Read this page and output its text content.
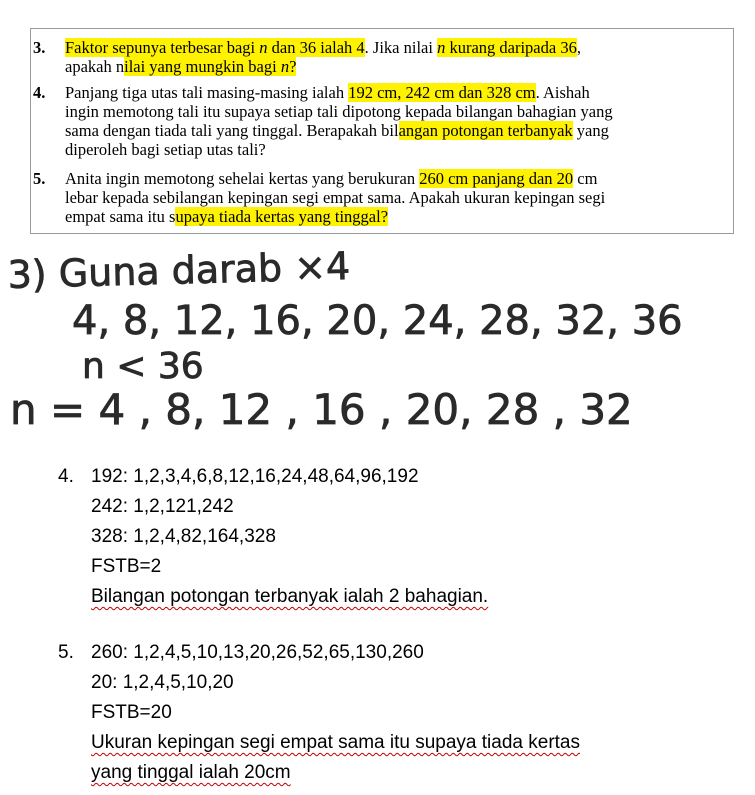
3. Faktor sepunya terbesar bagi n dan 36 ialah 4. Jika nilai n kurang daripada 36,
apakah nilai yang mungkin bagi n?
4. Panjang tiga utas tali masing-masing ialah 192 cm, 242 cm dan 328 cm. Aishah
ingin memotong tali itu supaya setiap tali dipotong kepada bilangan bahagian yang
sama dengan tiada tali yang tinggal. Berapakah bilangan potongan terbanyak yang
diperoleh bagi setiap utas tali?
5. Anita ingin memotong sehelai kertas yang berukuran 260 cm panjang dan 20 cm
lebar kepada sebilangan kepingan segi empat sama. Apakah ukuran kepingan segi
empat sama itu supaya tiada kertas yang tinggal?
3) Guna darab ×4
4, 8, 12, 16, 20, 24, 28, 32, 36
n < 36
n = 4 , 8, 12 , 16 , 20, 28 , 32
4. 192: 1,2,3,4,6,8,12,16,24,48,64,96,192
242: 1,2,121,242
328: 1,2,4,82,164,328
FSTB=2
Bilangan potongan terbanyak ialah 2 bahagian.
5. 260: 1,2,4,5,10,13,20,26,52,65,130,260
20: 1,2,4,5,10,20
FSTB=20
Ukuran kepingan segi empat sama itu supaya tiada kertas
yang tinggal ialah 20cm
